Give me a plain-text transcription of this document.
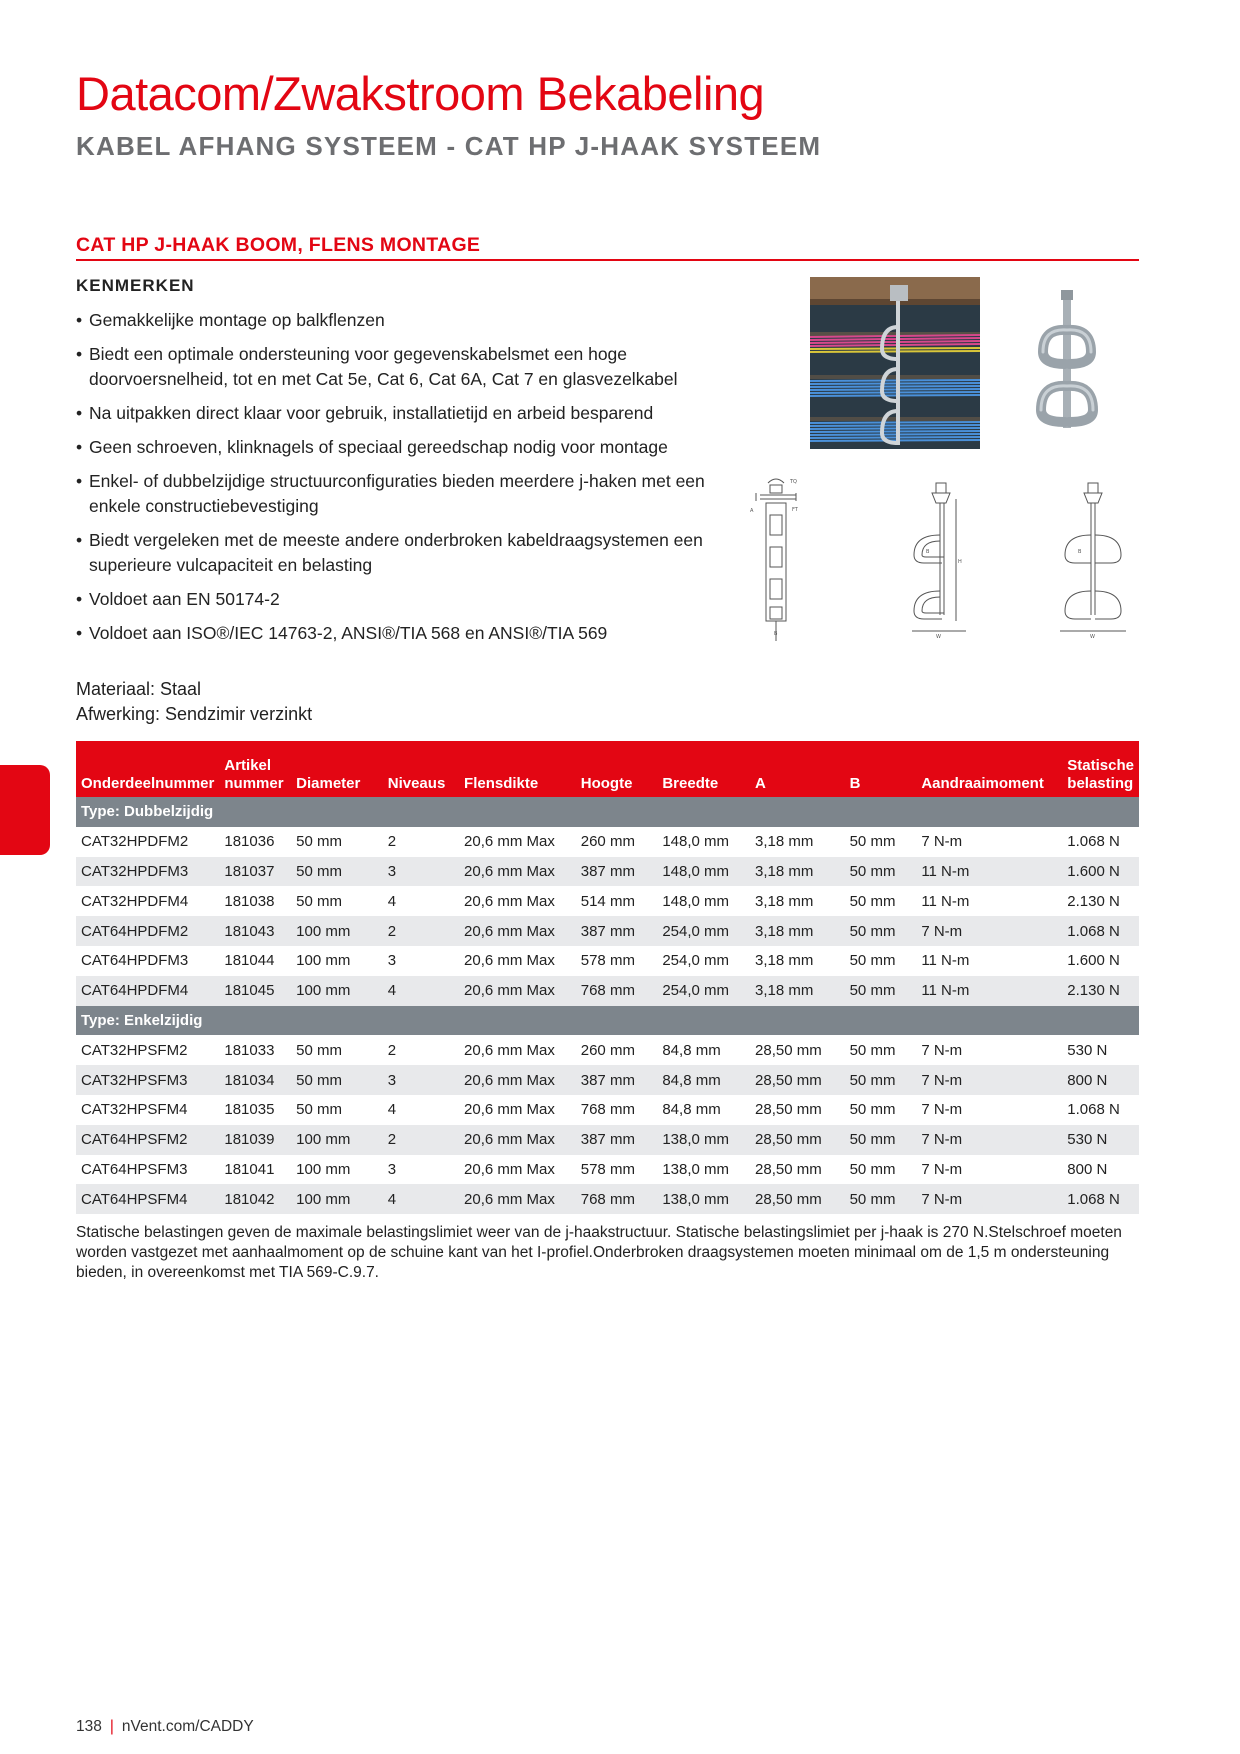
Datacom/Zwakstroom Bekabeling
KABEL AFHANG SYSTEEM - CAT HP J-HAAK SYSTEEM
CAT HP J-HAAK BOOM, FLENS MONTAGE
KENMERKEN
• Gemakkelijke montage op balkflenzen
• Biedt een optimale ondersteuning voor gegevenskabelsmet een hoge doorvoersnelheid, tot en met Cat 5e, Cat 6, Cat 6A, Cat 7 en glasvezelkabel
• Na uitpakken direct klaar voor gebruik, installatietijd en arbeid besparend
• Geen schroeven, klinknagels of speciaal gereedschap nodig voor montage
• Enkel- of dubbelzijdige structuurconfiguraties bieden meerdere j-haken met een enkele constructiebevestiging
• Biedt vergeleken met de meeste andere onderbroken kabeldraagsystemen een superieure vulcapaciteit en belasting
• Voldoet aan EN 50174-2
• Voldoet aan ISO®/IEC 14763-2, ANSI®/TIA 568 en ANSI®/TIA 569
Materiaal: Staal
Afwerking: Sendzimir verzinkt
TQ
A	FT
B
B
H
W
B
W
Onderdeelnummer	Artikel nummer	Diameter	Niveaus	Flensdikte	Hoogte	Breedte	A	B	Aandraaimoment	Statische belasting
Type: Dubbelzijdig										
CAT32HPDFM2	181036	50 mm	2	20,6 mm Max	260 mm	148,0 mm	3,18 mm	50 mm	7 N-m	1.068 N
CAT32HPDFM3	181037	50 mm	3	20,6 mm Max	387 mm	148,0 mm	3,18 mm	50 mm	11 N-m	1.600 N
CAT32HPDFM4	181038	50 mm	4	20,6 mm Max	514 mm	148,0 mm	3,18 mm	50 mm	11 N-m	2.130 N
CAT64HPDFM2	181043	100 mm	2	20,6 mm Max	387 mm	254,0 mm	3,18 mm	50 mm	7 N-m	1.068 N
CAT64HPDFM3	181044	100 mm	3	20,6 mm Max	578 mm	254,0 mm	3,18 mm	50 mm	11 N-m	1.600 N
CAT64HPDFM4	181045	100 mm	4	20,6 mm Max	768 mm	254,0 mm	3,18 mm	50 mm	11 N-m	2.130 N
Type: Enkelzijdig										
CAT32HPSFM2	181033	50 mm	2	20,6 mm Max	260 mm	84,8 mm	28,50 mm	50 mm	7 N-m	530 N
CAT32HPSFM3	181034	50 mm	3	20,6 mm Max	387 mm	84,8 mm	28,50 mm	50 mm	7 N-m	800 N
CAT32HPSFM4	181035	50 mm	4	20,6 mm Max	768 mm	84,8 mm	28,50 mm	50 mm	7 N-m	1.068 N
CAT64HPSFM2	181039	100 mm	2	20,6 mm Max	387 mm	138,0 mm	28,50 mm	50 mm	7 N-m	530 N
CAT64HPSFM3	181041	100 mm	3	20,6 mm Max	578 mm	138,0 mm	28,50 mm	50 mm	7 N-m	800 N
CAT64HPSFM4	181042	100 mm	4	20,6 mm Max	768 mm	138,0 mm	28,50 mm	50 mm	7 N-m	1.068 N
Statische belastingen geven de maximale belastingslimiet weer van de j-haakstructuur. Statische belastingslimiet per j-haak is 270 N.Stelschroef moeten worden vastgezet met aanhaalmoment op de schuine kant van het I-profiel.Onderbroken draagsystemen moeten minimaal om de 1,5 m ondersteuning bieden, in overeenkomst met TIA 569-C.9.7.
138 | nVent.com/CADDY
